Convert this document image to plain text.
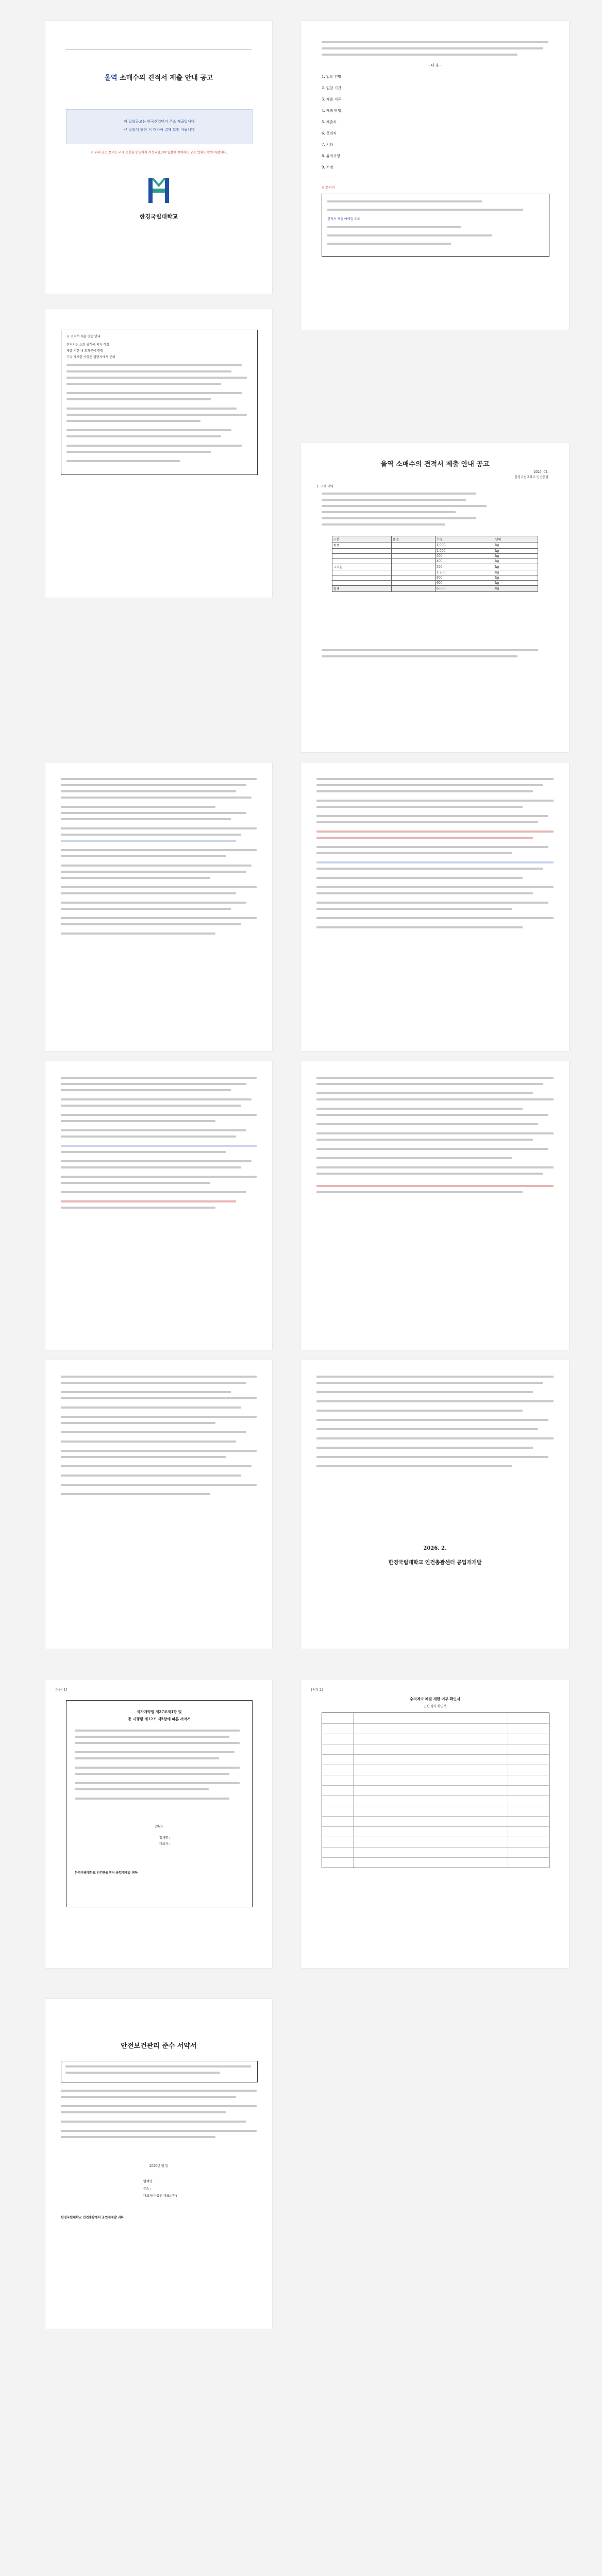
울역 소매수의 견적서 제출 안내 공고
이 입찰공고는 한국산업단지 주소 제곱입니다
근 입찰에 관한 시 대하여 결재 확인 바랍니다
※ 위의 공고 문구는 구매 조건을 반영하여 작성되었으며 입찰에 참여하는 모든 업체는 확인 바랍니다.
한경국립대학교
- 다 음 -
1. 입찰 건명
2. 입찰 기간
3. 제출 서류
4. 제출 방법
5. 제출처
6. 문의처
7. 기타
8. 유의사항
9. 서명
※ 문의처
견적서 제출 이메일 주소
※ 견적서 제출 방법 안내
견적서는 소정 양식에 의거 작성
제출 기한 내 도착분에 한함
기타 자세한 사항은 담당자에게 문의
울역 소매수의 견적서 제출 안내 공고
2026. 02.
한경국립대학교 인건총괄
1. 구매 내역
구분	품명	수량	단위
학생		1,000	kg
		2,000	kg
		500	kg
		400	kg
교직원		300	kg
		1,200	kg
		800	kg
		600	kg
합계		6,800	kg
2026. 2.
한경국립대학교 인건총괄센터 공업개개발
[서식 1]
국가계약법 제27조제1항 및
동 시행령 제12조 제5항에 따른 서약서
2026.
업체명 :
대표자 :
한경국립대학교 인건총괄센터 공업개개발 귀하
[서식 2]
수의계약 체결 제한 여부 확인서
인신 형식 확인서
안전보건관리 준수 서약서
2026년 월 일
업체명 :
주소 :
대표자(수급인 대표) (인)
한경국립대학교 인건총괄센터 공업개개발 귀하
